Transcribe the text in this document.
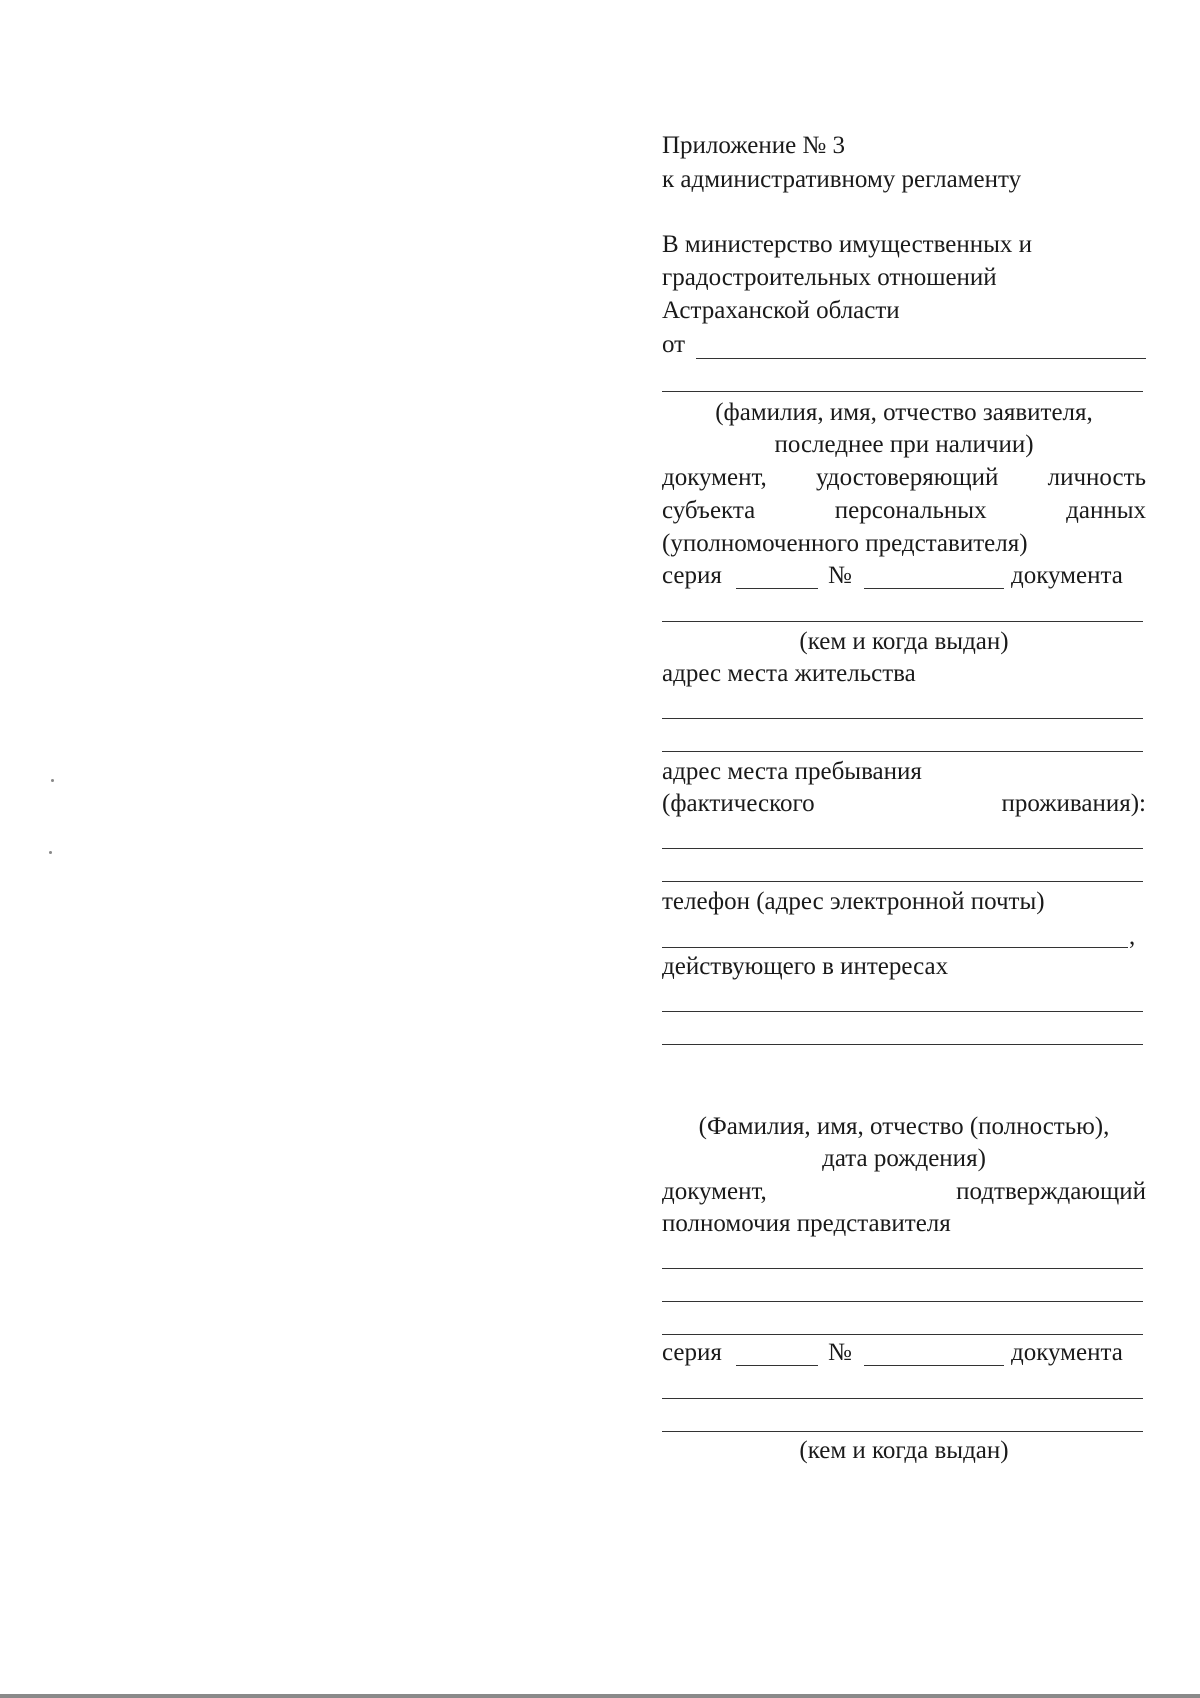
Приложение № 3
к административному регламенту
В министерство имущественных и
градостроительных отношений
Астраханской области
от
(фамилия, имя, отчество заявителя,
последнее при наличии)
документ, удостоверяющий личность
субъекта	персональных	данных
(уполномоченного представителя)
серия	№	документа
(кем и когда выдан)
адрес места жительства
адрес места пребывания
(фактического	проживания):
телефон (адрес электронной почты)
,
действующего в интересах
(Фамилия, имя, отчество (полностью),
дата рождения)
документ,	подтверждающий
полномочия представителя
серия	№	документа
(кем и когда выдан)
